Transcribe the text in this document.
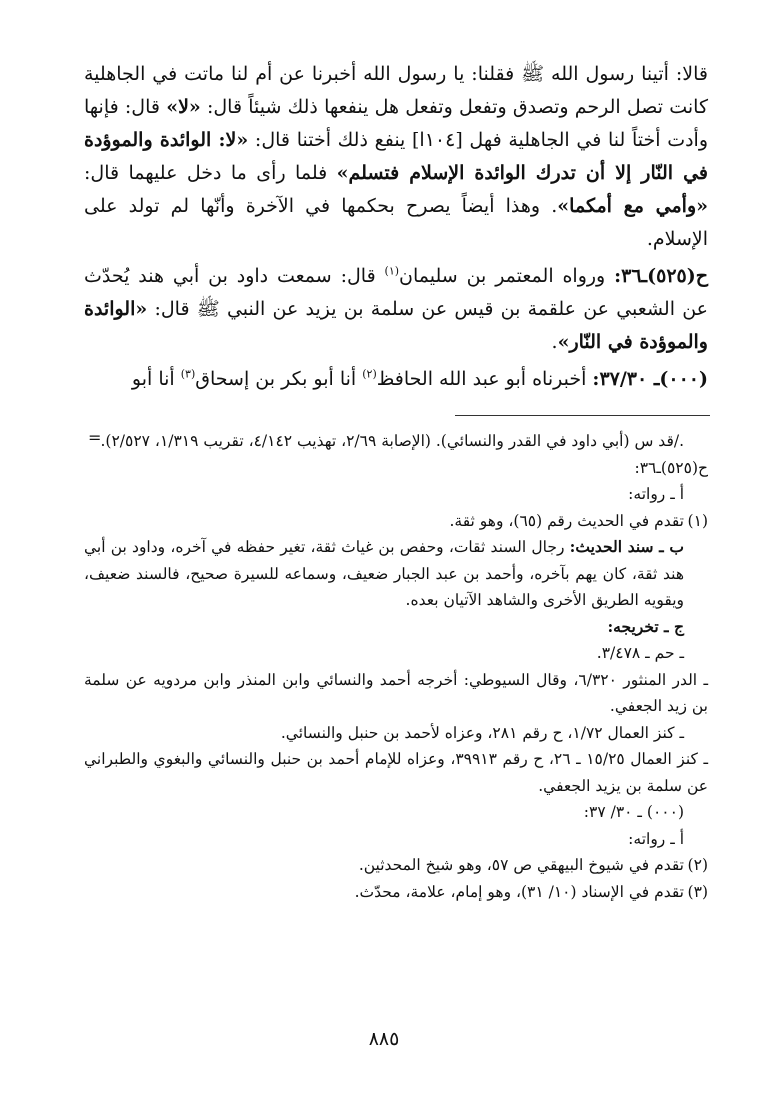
قالا: أتينا رسول الله ﷺ فقلنا: يا رسول الله أخبرنا عن أم لنا ماتت في الجاهلية كانت تصل الرحم وتصدق وتفعل وتفعل هل ينفعها ذلك شيئاً قال: «لا» قال: فإنها وأدت أختاً لنا في الجاهلية فهل [١٠٤ا] ينفع ذلك أختنا قال: «لا: الوائدة والموؤدة في النّار إلا أن تدرك الوائدة الإسلام فتسلم» فلما رأى ما دخل عليهما قال: «وأمي مع أمكما». وهذا أيضاً يصرح بحكمها في الآخرة وأنّها لم تولد على الإسلام.

ح(٥٢٥)ـ٣٦: ورواه المعتمر بن سليمان$^{(١)}$ قال: سمعت داود بن أبي هند يُحدّث عن الشعبي عن علقمة بن قيس عن سلمة بن يزيد عن النبي ﷺ قال: «الوائدة والموؤدة في النّار».

(٠٠٠)ـ ٣٧/٣٠: أخبرناه أبو عبد الله الحافظ$^{(٢)}$ أنا أبو بكر بن إسحاق$^{(٣)}$ أنا أبو

= ./قد س (أبي داود في القدر والنسائي). (الإصابة ٢/٦٩، تهذيب ٤/١٤٢، تقريب ١/٣١٩، ٢/٥٢٧).

ح(٥٢٥)ـ٣٦:

أ ـ رواته:

(١)تقدم في الحديث رقم (٦٥)، وهو ثقة.

ب ـ سند الحديث: رجال السند ثقات، وحفص بن غياث ثقة، تغير حفظه في آخره، وداود بن أبي هند ثقة، كان يهم بآخره، وأحمد بن عبد الجبار ضعيف، وسماعه للسيرة صحيح، فالسند ضعيف، ويقويه الطريق الأخرى والشاهد الآتيان بعده.

ج ـ تخريجه:

ـ حم ـ ٣/٤٧٨.

ـ الدر المنثور ٦/٣٢٠، وقال السيوطي: أخرجه أحمد والنسائي وابن المنذر وابن مردويه عن سلمة بن زيد الجعفي.

ـ كنز العمال ١/٧٢، ح رقم ٢٨١، وعزاه لأحمد بن حنبل والنسائي.

ـ كنز العمال ١٥/٢٥ ـ ٢٦، ح رقم ٣٩٩١٣، وعزاه للإمام أحمد بن حنبل والنسائي والبغوي والطبراني عن سلمة بن يزيد الجعفي.

(٠٠٠) ـ ٣٠/ ٣٧:

أ ـ رواته:

(٢)تقدم في شيوخ البيهقي ص ٥٧، وهو شيخ المحدثين.

(٣)تقدم في الإسناد (١٠/ ٣١)، وهو إمام، علامة، محدّث.

٨٨٥
